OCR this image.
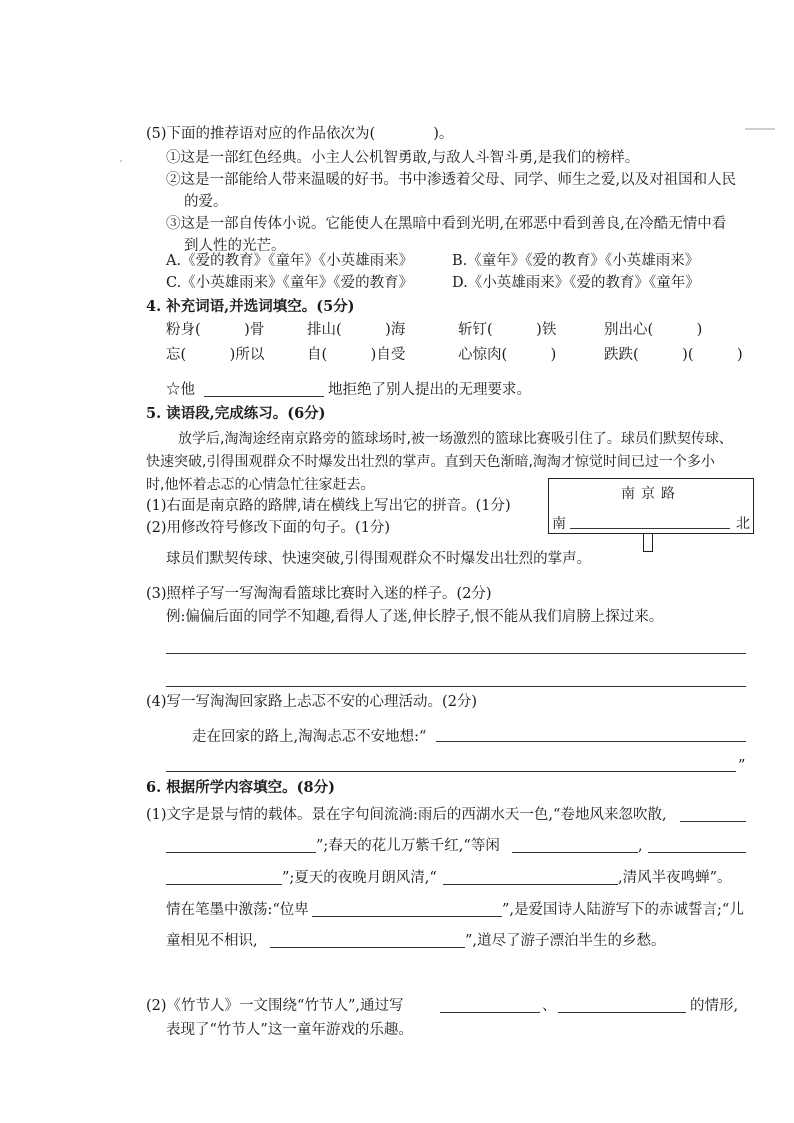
(5)下面的推荐语对应的作品依次为(　　　　)。
①这是一部红色经典。小主人公机智勇敢,与敌人斗智斗勇,是我们的榜样。
②这是一部能给人带来温暖的好书。书中渗透着父母、同学、师生之爱,以及对祖国和人民
的爱。
③这是一部自传体小说。它能使人在黑暗中看到光明,在邪恶中看到善良,在冷酷无情中看
到人性的光芒。
A.《爱的教育》《童年》《小英雄雨来》	B.《童年》《爱的教育》《小英雄雨来》
C.《小英雄雨来》《童年》《爱的教育》	D.《小英雄雨来》《爱的教育》《童年》
4. 补充词语,并选词填空。(5分)
粉身(　　　)骨	排山(　　　)海	斩钉(　　　)铁	别出心(　　　)
忘(　　　)所以	自(　　　)自受	心惊肉(　　　)	跌跌(　　　)(　　　)
☆他	地拒绝了别人提出的无理要求。
5. 读语段,完成练习。(6分)
放学后,淘淘途经南京路旁的篮球场时,被一场激烈的篮球比赛吸引住了。球员们默契传球、
快速突破,引得围观群众不时爆发出壮烈的掌声。直到天色渐暗,淘淘才惊觉时间已过一个多小
时,他怀着忐忑的心情急忙往家赶去。
(1)右面是南京路的路牌,请在横线上写出它的拼音。(1分)
(2)用修改符号修改下面的句子。(1分)
南京路
南	北
球员们默契传球、快速突破,引得围观群众不时爆发出壮烈的掌声。
(3)照样子写一写淘淘看篮球比赛时入迷的样子。(2分)
例:偏偏后面的同学不知趣,看得人了迷,伸长脖子,恨不能从我们肩膀上探过来。
(4)写一写淘淘回家路上忐忑不安的心理活动。(2分)
走在回家的路上,淘淘忐忑不安地想:“
”
6. 根据所学内容填空。(8分)
(1)文字是景与情的载体。景在字句间流淌:雨后的西湖水天一色,“卷地风来忽吹散,
”;春天的花儿万紫千红,“等闲	,
”;夏天的夜晚月朗风清,“	,清风半夜鸣蝉”。
情在笔墨中激荡:“位卑	”,是爱国诗人陆游写下的赤诚誓言;“儿
童相见不相识,	”,道尽了游子漂泊半生的乡愁。
(2)《竹节人》一文围绕“竹节人”,通过写	、	的情形,
表现了“竹节人”这一童年游戏的乐趣。
